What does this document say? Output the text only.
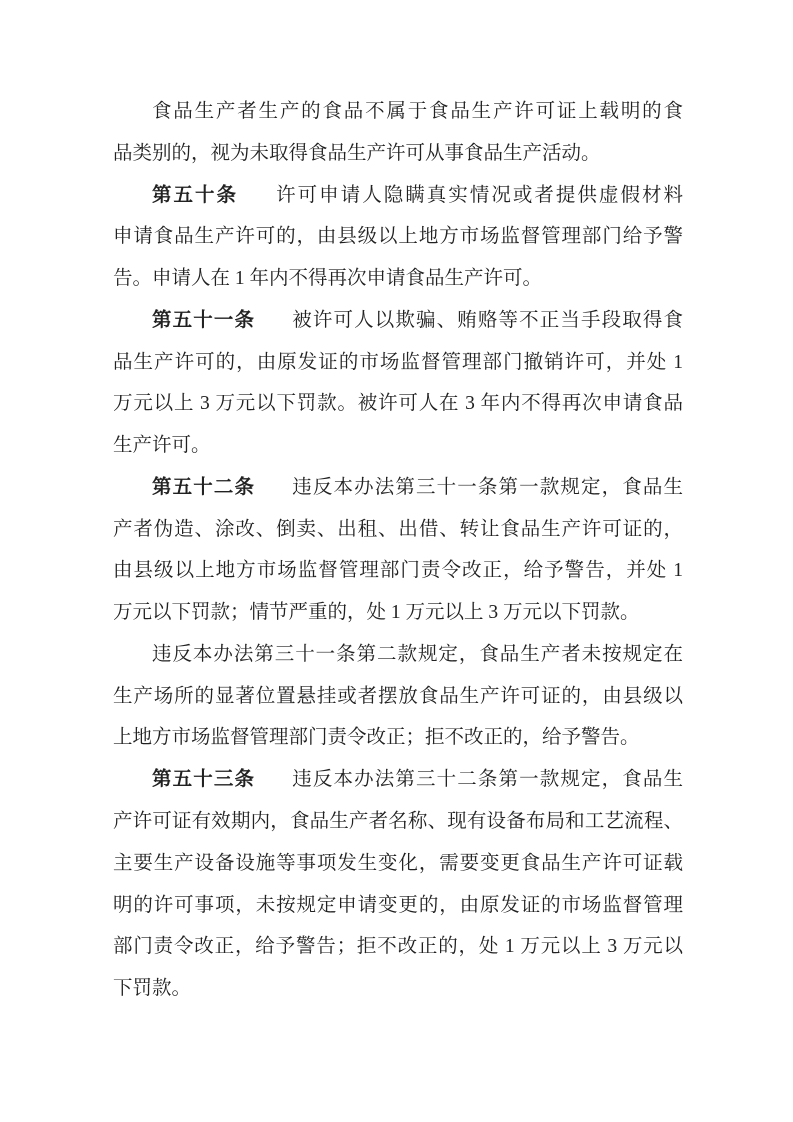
食品生产者生产的食品不属于食品生产许可证上载明的食
品类别的，视为未取得食品生产许可从事食品生产活动。
第五十条 许可申请人隐瞒真实情况或者提供虚假材料
申请食品生产许可的，由县级以上地方市场监督管理部门给予警
告。申请人在 1 年内不得再次申请食品生产许可。
第五十一条 被许可人以欺骗、贿赂等不正当手段取得食
品生产许可的，由原发证的市场监督管理部门撤销许可，并处 1
万元以上 3 万元以下罚款。被许可人在 3 年内不得再次申请食品
生产许可。
第五十二条 违反本办法第三十一条第一款规定，食品生
产者伪造、涂改、倒卖、出租、出借、转让食品生产许可证的，
由县级以上地方市场监督管理部门责令改正，给予警告，并处 1
万元以下罚款；情节严重的，处 1 万元以上 3 万元以下罚款。
违反本办法第三十一条第二款规定，食品生产者未按规定在
生产场所的显著位置悬挂或者摆放食品生产许可证的，由县级以
上地方市场监督管理部门责令改正；拒不改正的，给予警告。
第五十三条 违反本办法第三十二条第一款规定，食品生
产许可证有效期内，食品生产者名称、现有设备布局和工艺流程、
主要生产设备设施等事项发生变化，需要变更食品生产许可证载
明的许可事项，未按规定申请变更的，由原发证的市场监督管理
部门责令改正，给予警告；拒不改正的，处 1 万元以上 3 万元以
下罚款。
